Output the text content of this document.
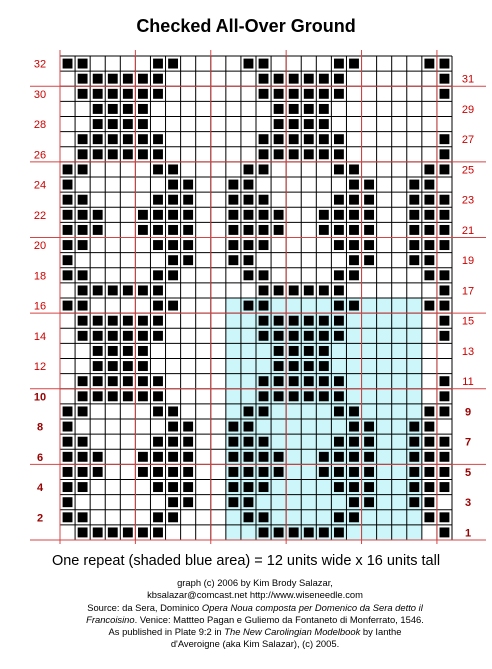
Checked All-Over Ground
2
4
6
8
10
12
14
16
18
20
22
24
26
28
30
32
1
3
5
7
9
11
13
15
17
19
21
23
25
27
29
31
One repeat (shaded blue area) = 12 units wide x 16 units tall
graph (c) 2006 by Kim Brody Salazar,
kbsalazar@comcast.net http://www.wiseneedle.com
Source: da Sera, Dominico Opera Noua composta per Domenico da Sera detto il Francoisino. Venice: Mattteo Pagan e Guliemo da Fontaneto di Monferrato, 1546. As published in Plate 9:2 in The New Carolingian Modelbook by Ianthe d'Averoigne (aka Kim Salazar), (c) 2005.
